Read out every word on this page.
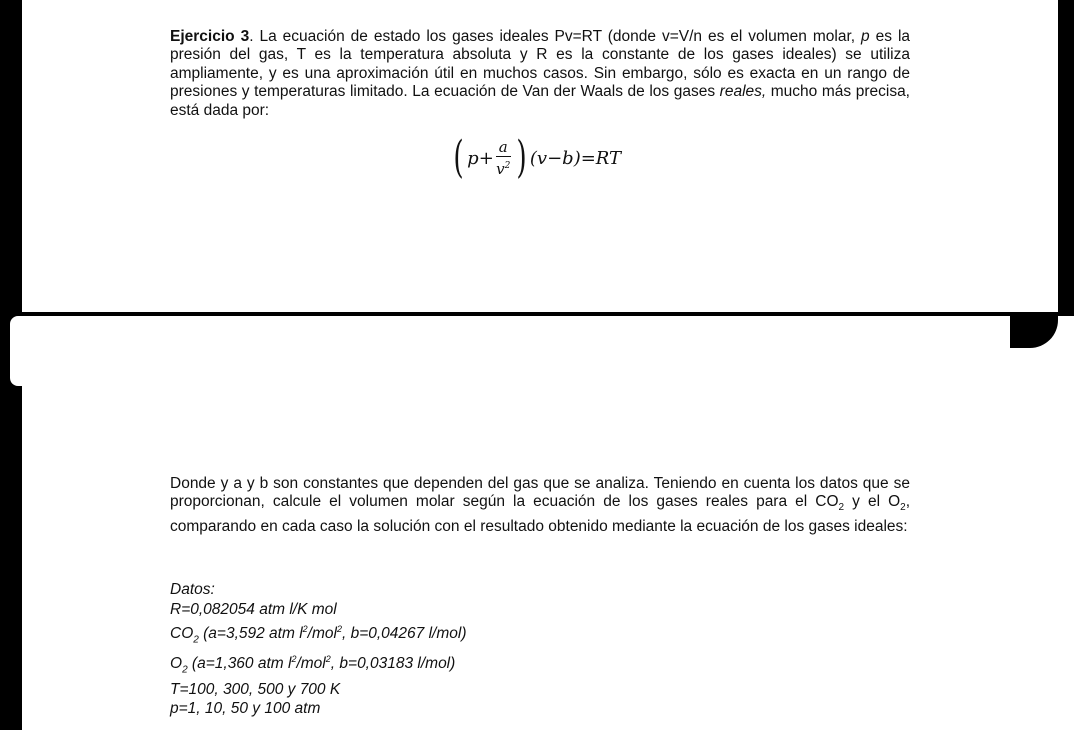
Ejercicio 3. La ecuación de estado los gases ideales Pv=RT (donde v=V/n es el volumen molar, p es la presión del gas, T es la temperatura absoluta y R es la constante de los gases ideales) se utiliza ampliamente, y es una aproximación útil en muchos casos. Sin embargo, sólo es exacta en un rango de presiones y temperaturas limitado. La ecuación de Van der Waals de los gases reales, mucho más precisa, está dada por:
( $p+ \frac{a}{v^2}$ ) (v−b)=RT
Donde y a y b son constantes que dependen del gas que se analiza. Teniendo en cuenta los datos que se proporcionan, calcule el volumen molar según la ecuación de los gases reales para el $CO_2$ y el $O_2$, comparando en cada caso la solución con el resultado obtenido mediante la ecuación de los gases ideales:
Datos:
R=0,082054 atm l/K mol
$CO_2$ (a=3,592 atm $l^2/mol^2$, b=0,04267 l/mol)
$O_2$ (a=1,360 atm $l^2/mol^2$, b=0,03183 l/mol)
T=100, 300, 500 y 700 K
p=1, 10, 50 y 100 atm
